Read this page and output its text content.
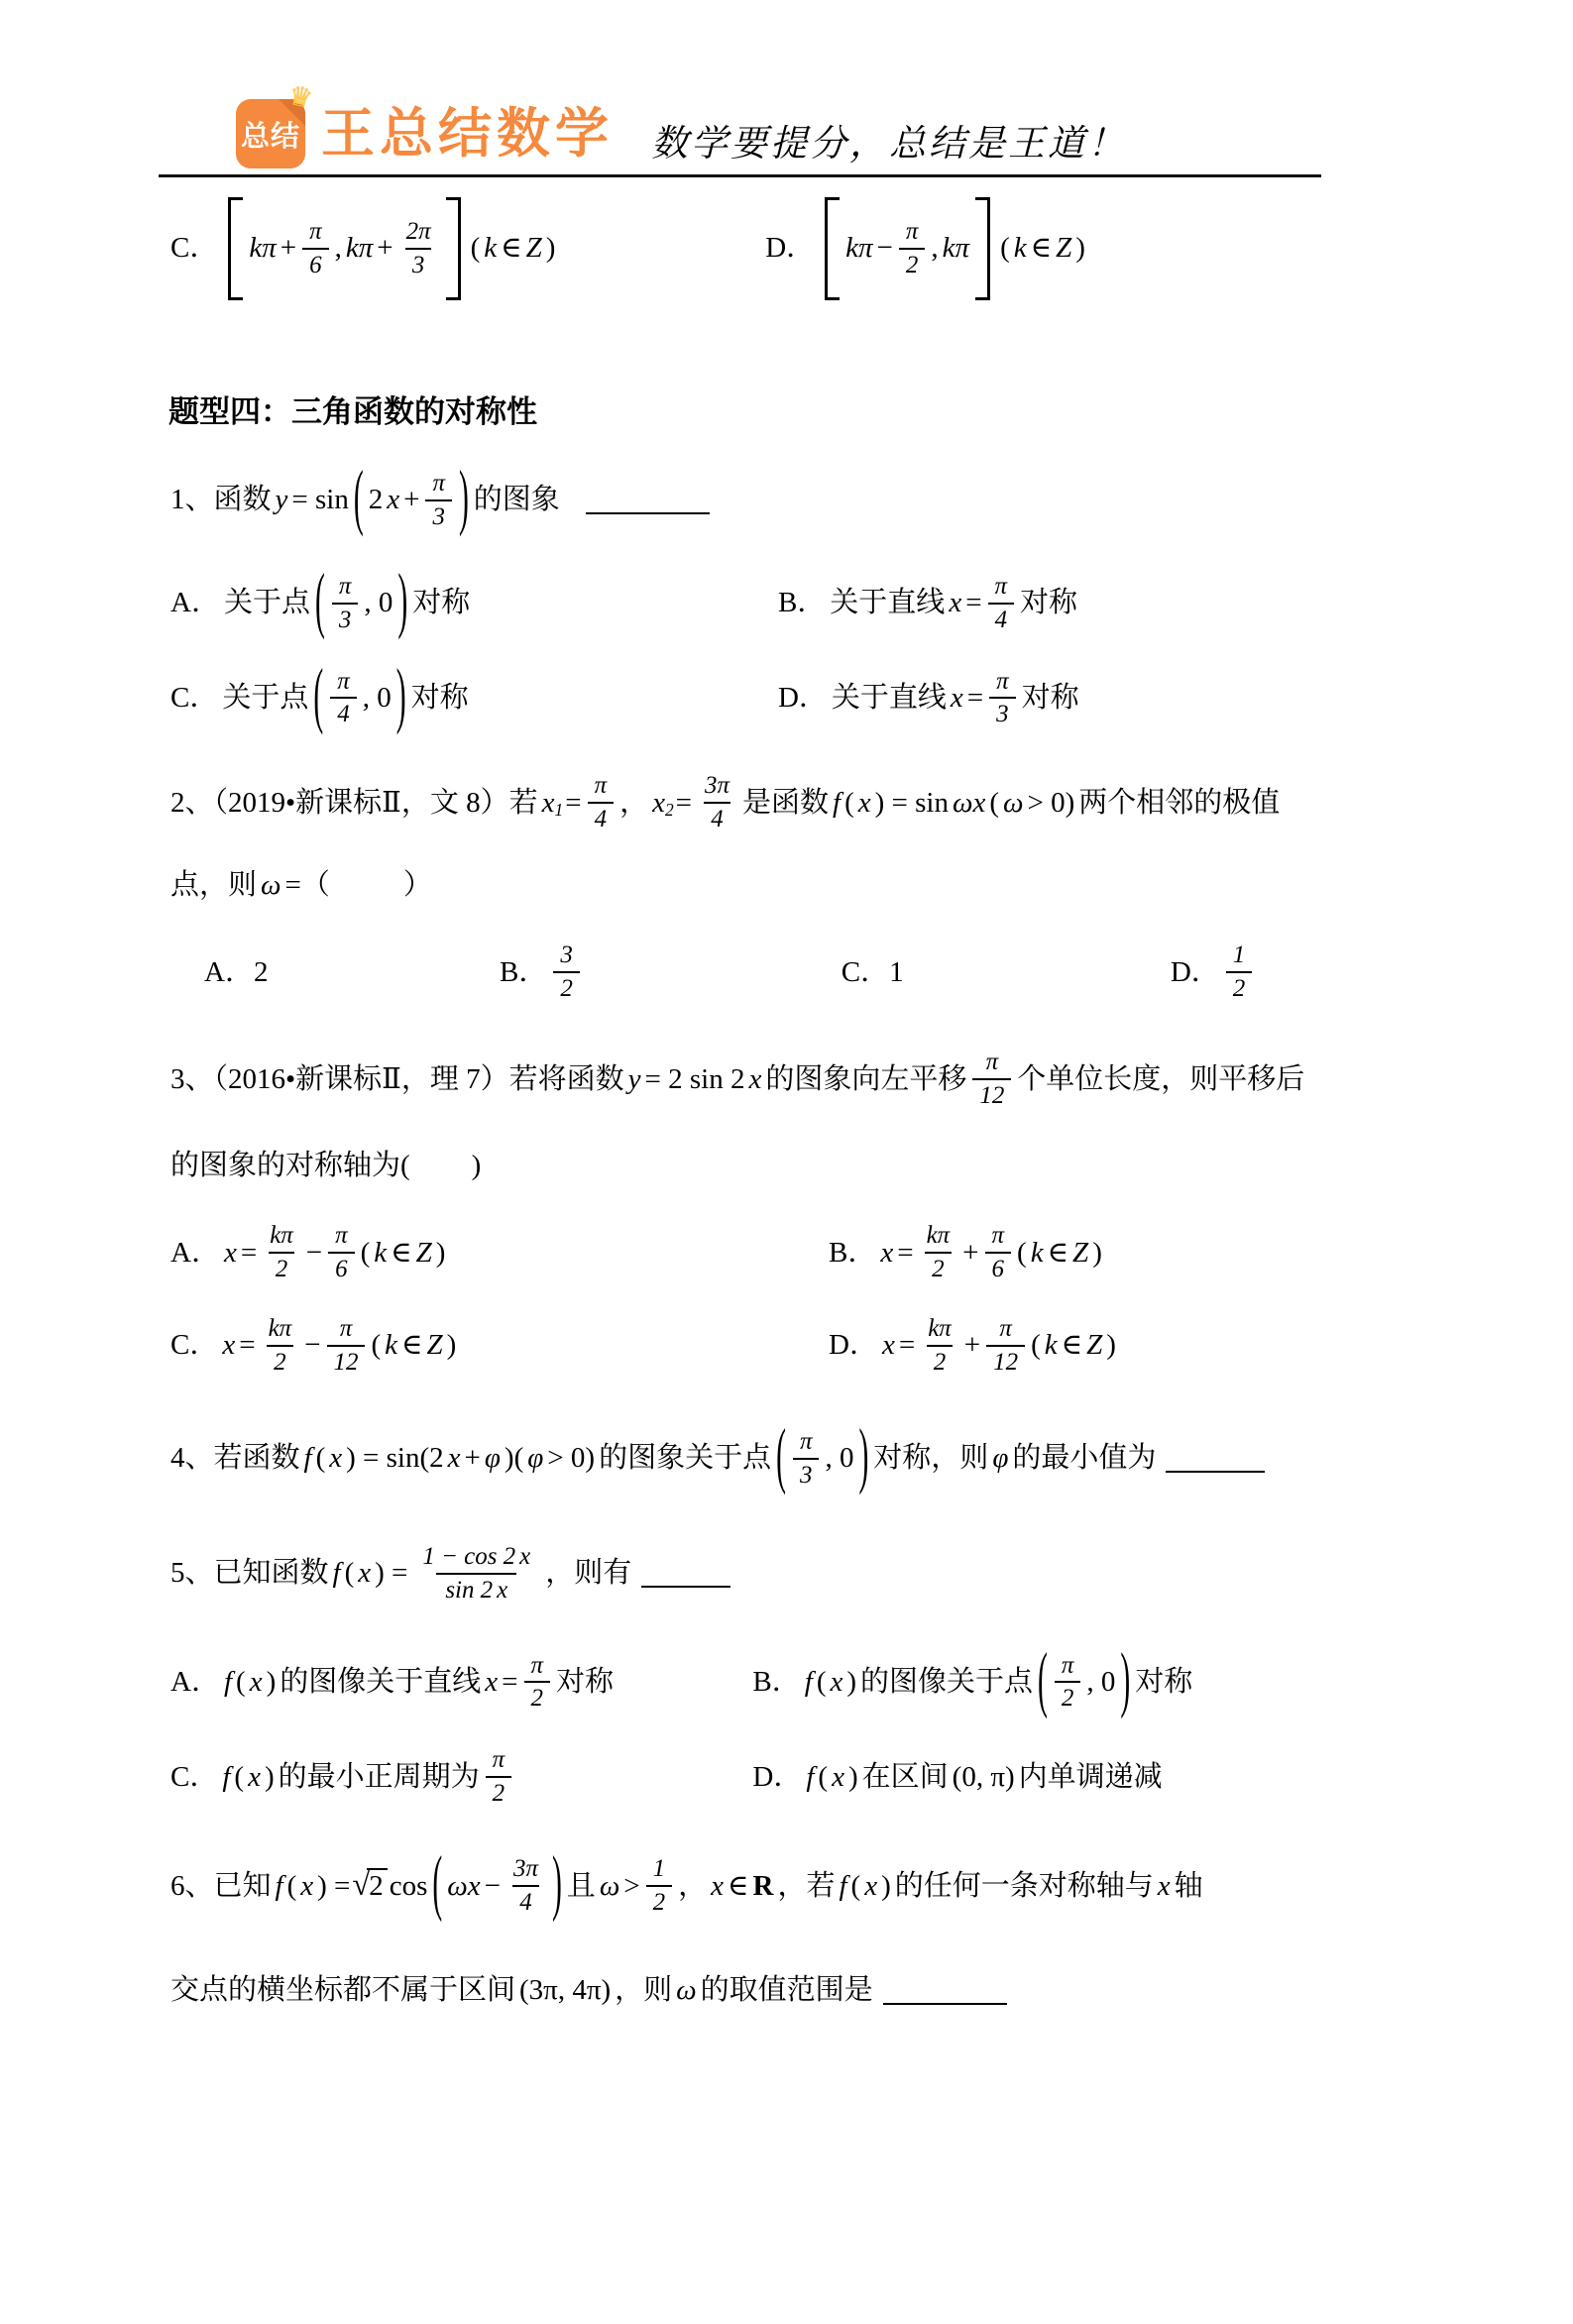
♛
总结 王总结数学 数学要提分，总结是王道！
C． $k\pi + \frac{\pi}{6}$ , $k\pi + \frac{2\pi}{3}$ ( k ∈ Z )	D． $k\pi - \frac{\pi}{2}$ , kπ ( k ∈ Z )
题型四：三角函数的对称性
1、函数 y = sin ( 2 $x + \frac{\pi}{3}$ ) 的图象
A． 关于点 ( $\frac{\pi}{3}$ , 0 ) 对称	B． 关于直线 $x = \frac{\pi}{4}$ 对称
C． 关于点 ( $\frac{\pi}{4}$ , 0 ) 对称	D． 关于直线 $x = \frac{\pi}{3}$ 对称
2、（2019•新课标Ⅱ，文 8）若 x $1 = \frac{\pi}{4}$ ， x $2 = \frac{3\pi}{4}$ 是函数 f ( x ) = sin ωx ( ω > 0) 两个相邻的极值
点，则 ω =（	）
A．2	B． $\frac{3}{2}$	C．1	D． $\frac{1}{2}$
3、（2016•新课标Ⅱ，理 7）若将函数 y = 2 sin 2 x 的图象向左平移 $\frac{\pi}{12}$ 个单位长度，则平移后
的图象的对称轴为( )
A． $x = \frac{k\pi}{2} - \frac{\pi}{6}$ ( k ∈ Z )	B． $x = \frac{k\pi}{2} + \frac{\pi}{6}$ ( k ∈ Z )
C． $x = \frac{k\pi}{2} - \frac{\pi}{12}$ ( k ∈ Z )	D． $x = \frac{k\pi}{2} + \frac{\pi}{12}$ ( k ∈ Z )
4、若函数 f ( x ) = sin(2 x + φ )( φ > 0) 的图象关于点 ( $\frac{\pi}{3}$ , 0 ) 对称，则 φ 的最小值为
5、已知函数 f ( x ) = $\frac{1 - \cos 2 x}{\sin 2 x}$ ，则有
A． f ( x ) 的图像关于直线 $x = \frac{\pi}{2}$ 对称	B． f ( x ) 的图像关于点 ( $\frac{\pi}{2}$ , 0 ) 对称
C． f ( x ) 的最小正周期为 $\frac{\pi}{2}$	D． f ( x ) 在区间 (0, π) 内单调递减
6、已知 f ( x ) = √2 cos ( $\omega x - \frac{3\pi}{4}$ ) 且 $\omega > \frac{1}{2}$ ， x ∈ R ，若 f ( x ) 的任何一条对称轴与 x 轴
交点的横坐标都不属于区间 (3π, 4π) ，则 ω 的取值范围是
